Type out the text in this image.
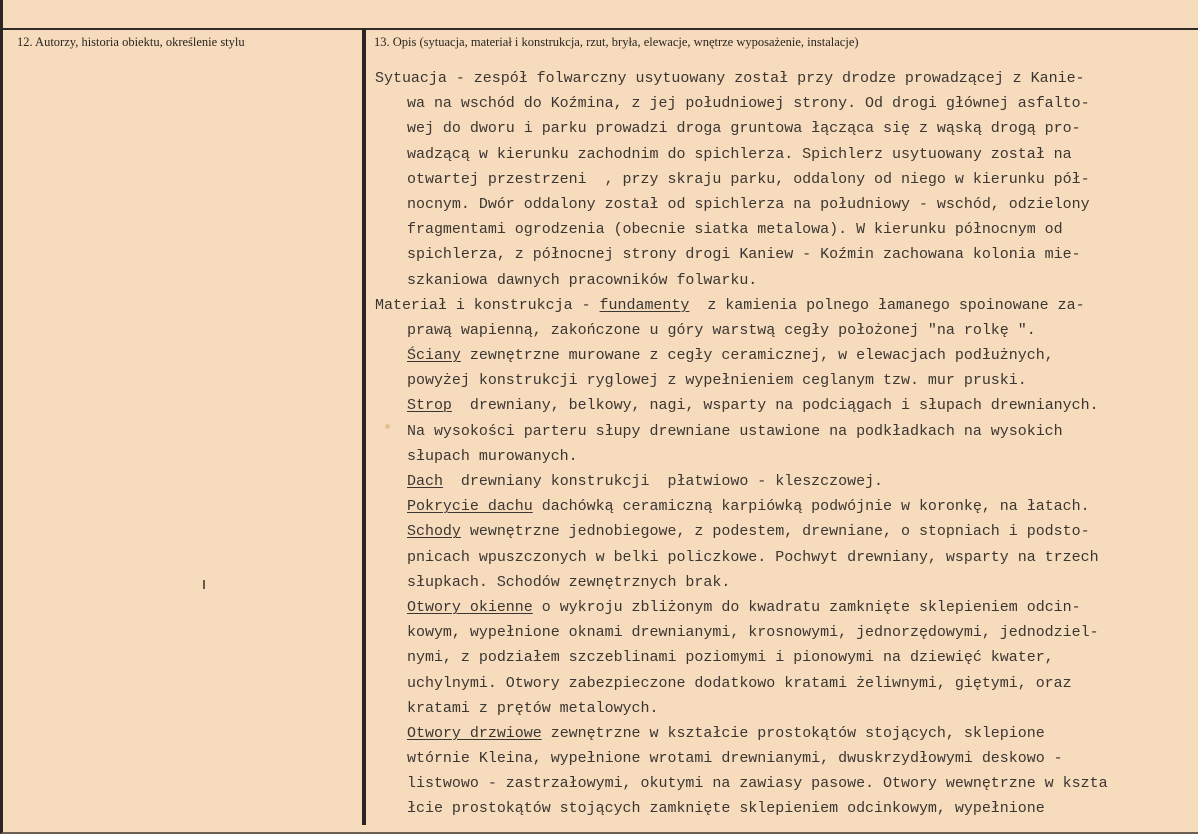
12. Autorzy, historia obiektu, określenie stylu	13. Opis (sytuacja, materiał i konstrukcja, rzut, bryła, elewacje, wnętrze wyposażenie, instalacje)
Sytuacja - zespół folwarczny usytuowany został przy drodze prowadzącej z Kanie-
wa na wschód do Koźmina, z jej południowej strony. Od drogi głównej asfalto-
wej do dworu i parku prowadzi droga gruntowa łącząca się z wąską drogą pro-
wadzącą w kierunku zachodnim do spichlerza. Spichlerz usytuowany został na
otwartej przestrzeni  , przy skraju parku, oddalony od niego w kierunku pół-
nocnym. Dwór oddalony został od spichlerza na południowy - wschód, odzielony
fragmentami ogrodzenia (obecnie siatka metalowa). W kierunku północnym od
spichlerza, z północnej strony drogi Kaniew - Koźmin zachowana kolonia mie-
szkaniowa dawnych pracowników folwarku.
Materiał i konstrukcja - fundamenty  z kamienia polnego łamanego spoinowane za-
prawą wapienną, zakończone u góry warstwą cegły położonej "na rolkę ".
Ściany zewnętrzne murowane z cegły ceramicznej, w elewacjach podłużnych,
powyżej konstrukcji ryglowej z wypełnieniem ceglanym tzw. mur pruski.
Strop  drewniany, belkowy, nagi, wsparty na podciągach i słupach drewnianych.
Na wysokości parteru słupy drewniane ustawione na podkładkach na wysokich
słupach murowanych.
Dach  drewniany konstrukcji  płatwiowo - kleszczowej.
Pokrycie dachu dachówką ceramiczną karpiówką podwójnie w koronkę, na łatach.
Schody wewnętrzne jednobiegowe, z podestem, drewniane, o stopniach i podsto-
pnicach wpuszczonych w belki policzkowe. Pochwyt drewniany, wsparty na trzech
słupkach. Schodów zewnętrznych brak.
Otwory okienne o wykroju zbliżonym do kwadratu zamknięte sklepieniem odcin-
kowym, wypełnione oknami drewnianymi, krosnowymi, jednorzędowymi, jednodziel-
nymi, z podziałem szczeblinami poziomymi i pionowymi na dziewięć kwater,
uchylnymi. Otwory zabezpieczone dodatkowo kratami żeliwnymi, giętymi, oraz
kratami z prętów metalowych.
Otwory drzwiowe zewnętrzne w kształcie prostokątów stojących, sklepione
wtórnie Kleina, wypełnione wrotami drewnianymi, dwuskrzydłowymi deskowo -
listwowo - zastrzałowymi, okutymi na zawiasy pasowe. Otwory wewnętrzne w kszta
łcie prostokątów stojących zamknięte sklepieniem odcinkowym, wypełnione
